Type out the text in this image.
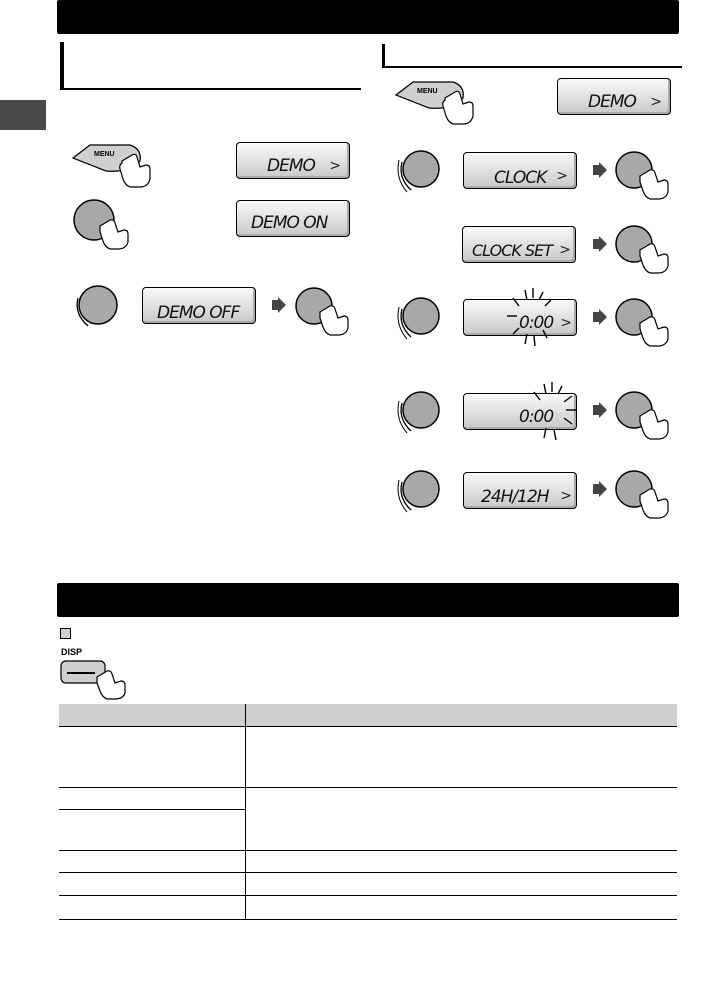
MENU
DEMO >
DEMO ON
DEMO OFF
MENU
DEMO >
CLOCK >
CLOCK SET >
0:00 >
0:00
24H/12H >
DISP
